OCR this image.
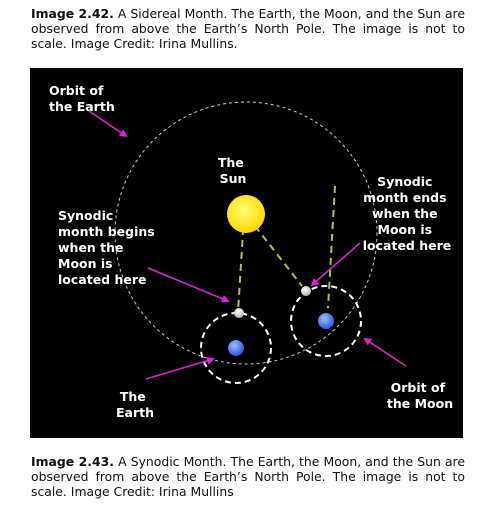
Image 2.42. A Sidereal Month. The Earth, the Moon, and the Sun are observed from above the Earth’s North Pole. The image is not to scale. Image Credit: Irina Mullins.
Orbit of the Earth
The Sun
Synodic month begins when the Moon is located here
Synodic month ends when the Moon is located here
The Earth
Orbit of the Moon
Image 2.43. A Synodic Month. The Earth, the Moon, and the Sun are observed from above the Earth’s North Pole. The image is not to scale. Image Credit: Irina Mullins
